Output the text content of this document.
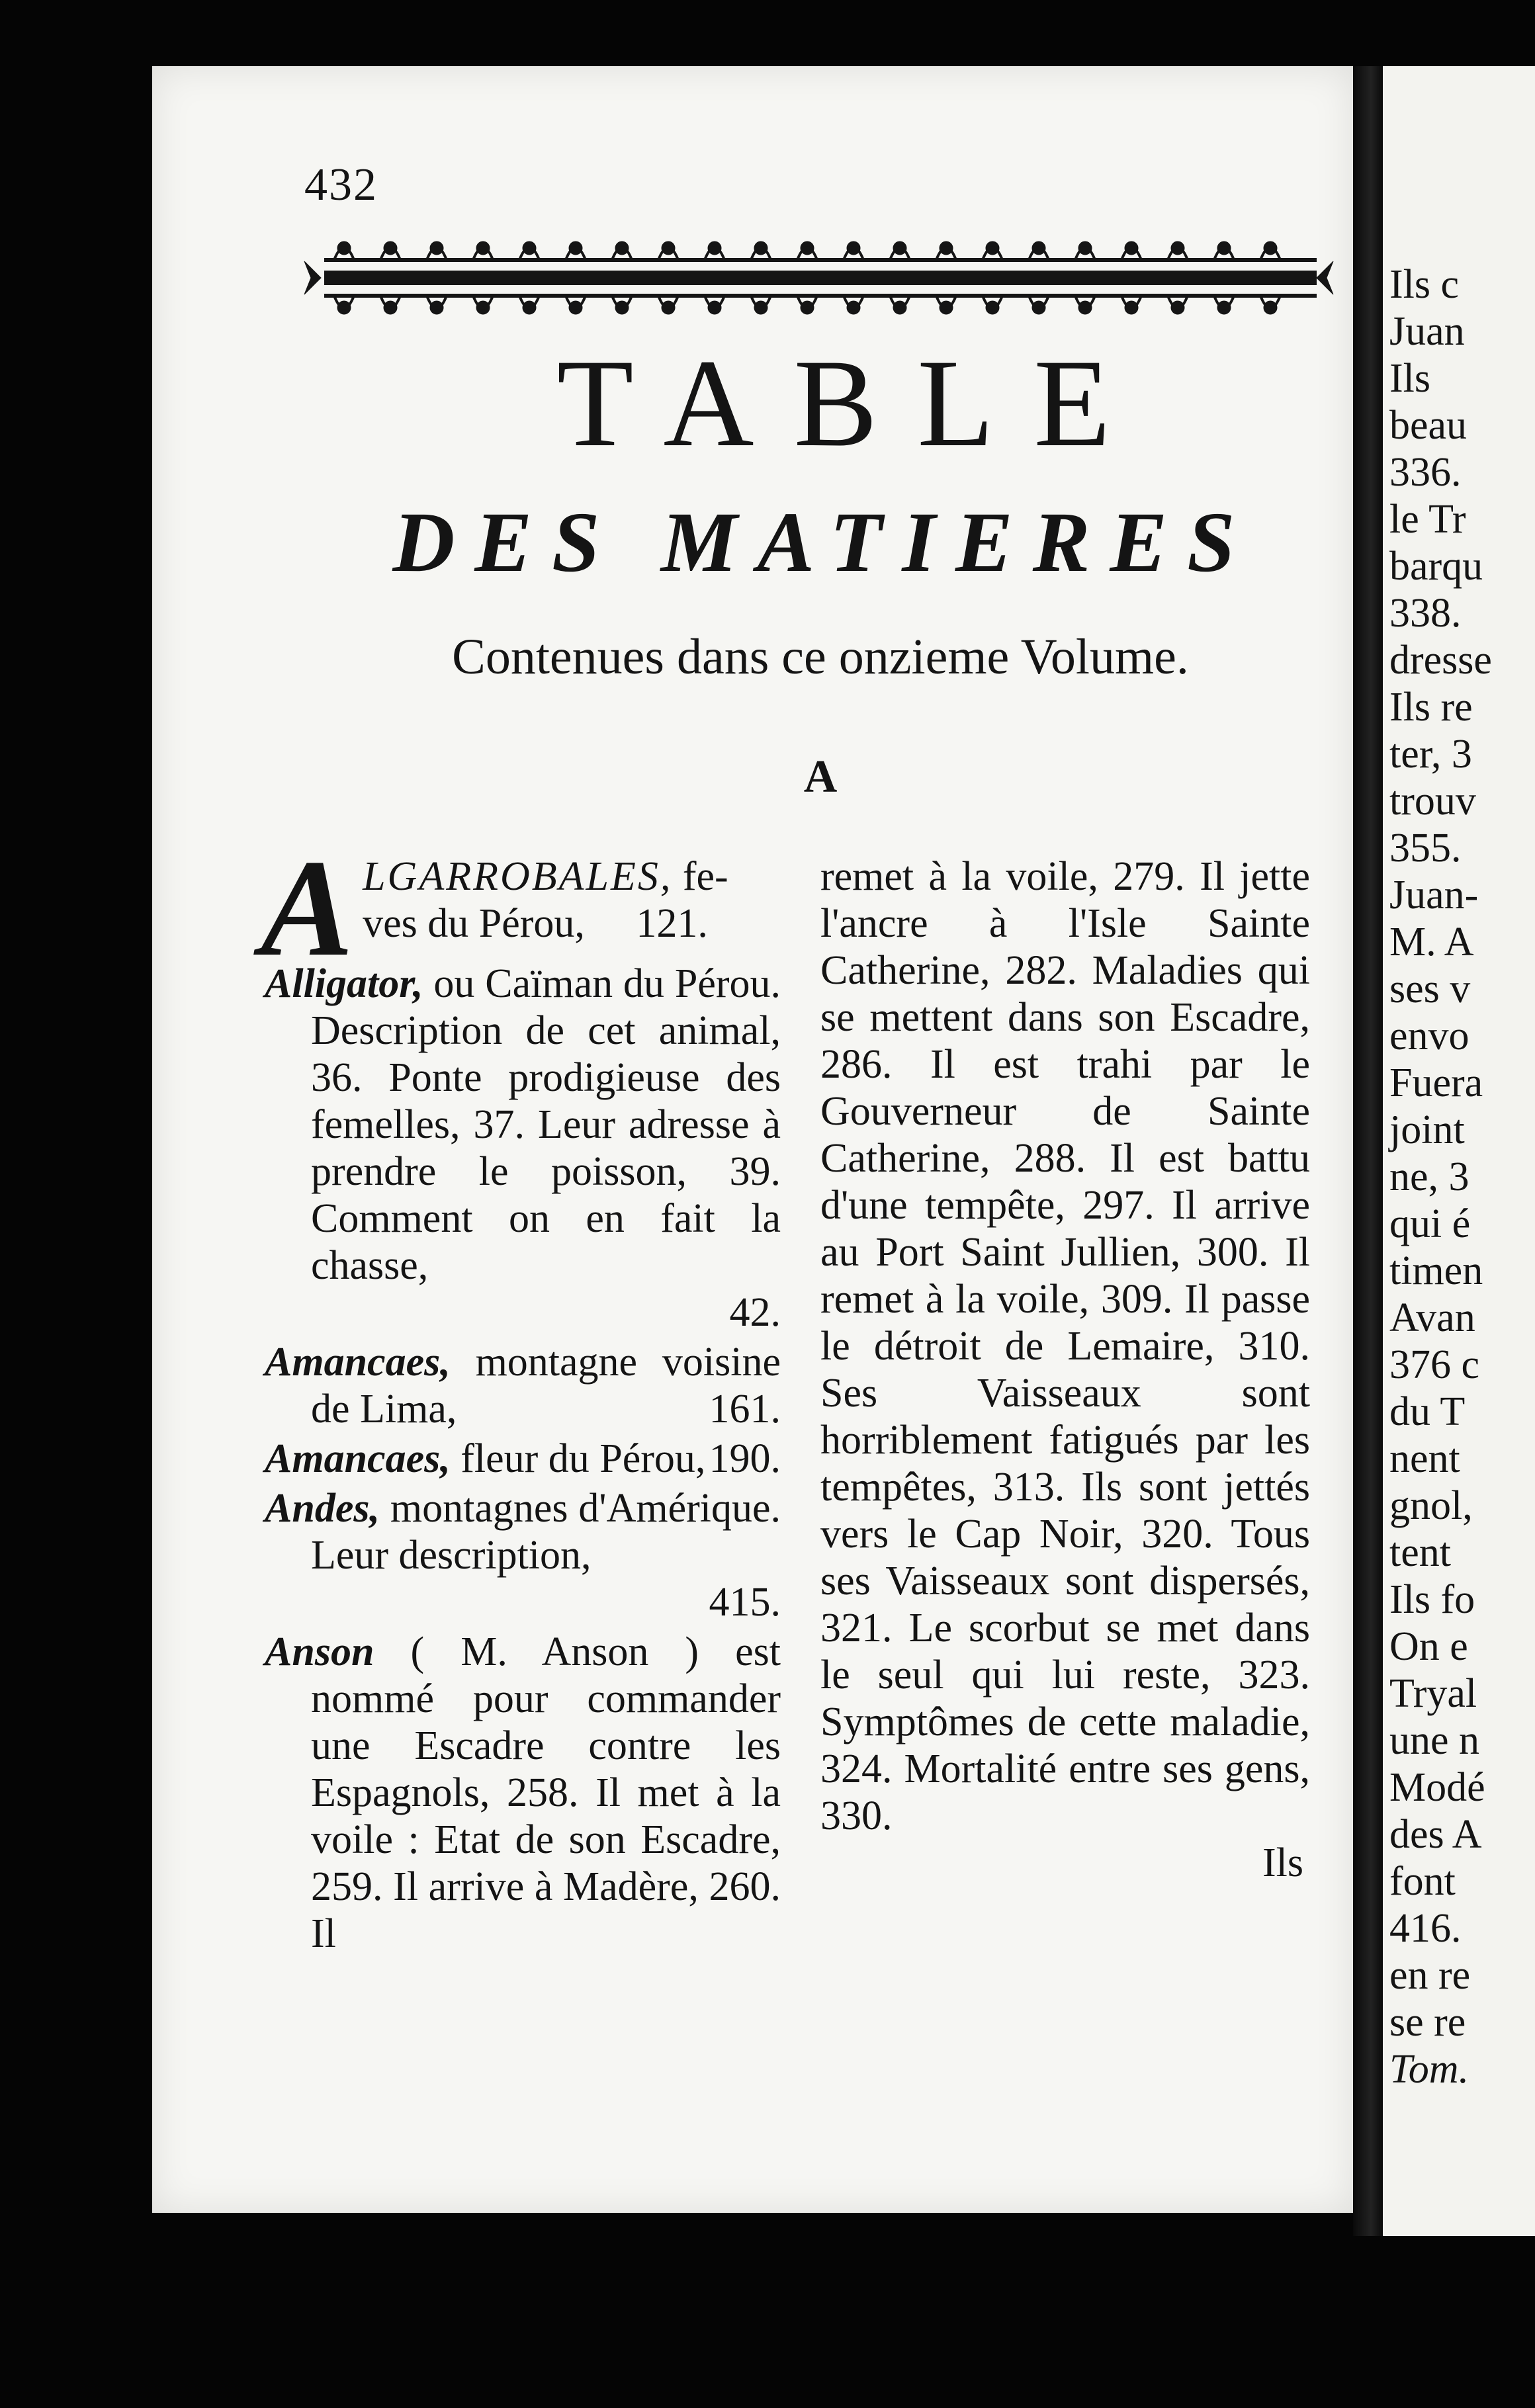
432
TABLE
DES MATIERES
Contenues dans ce onzieme Volume.
A
A LGARROBALES, fe-
ves du Pérou,     121.
Alligator, ou Caïman du Pérou. Description de cet animal, 36. Ponte prodigieuse des femelles, 37. Leur adresse à prendre le poisson, 39. Comment on en fait la chasse,
42.
Amancaes, montagne voisine de Lima,	161.
Amancaes, fleur du Pérou, 190.
Andes, montagnes d'Amérique. Leur description,
415.
Anson ( M. Anson ) est nommé pour commander une Escadre contre les Espagnols, 258. Il met à la voile : Etat de son Escadre, 259. Il arrive à Madère, 260. Il
remet à la voile, 279. Il jette l'ancre à l'Isle Sainte Catherine, 282. Maladies qui se mettent dans son Escadre, 286. Il est trahi par le Gouverneur de Sainte Catherine, 288. Il est battu d'une tempête, 297. Il arrive au Port Saint Jullien, 300. Il remet à la voile, 309. Il passe le détroit de Lemaire, 310. Ses Vaisseaux sont horriblement fatigués par les tempêtes, 313. Ils sont jettés vers le Cap Noir, 320. Tous ses Vaisseaux sont dispersés, 321. Le scorbut se met dans le seul qui lui reste, 323. Symptômes de cette maladie, 324. Mortalité entre ses gens, 330.
Ils
Ils c
Juan
Ils
beau
336.
le Tr
barqu
338.
dresse
Ils re
ter, 3
trouv
355.
Juan-
M. A
ses v
envo
Fuera
joint
ne, 3
qui é
timen
Avan
376 c
du T
nent
gnol,
tent
Ils fo
On e
Tryal
une n
Modé
des A
font
416.
en re
se re
Tom.
